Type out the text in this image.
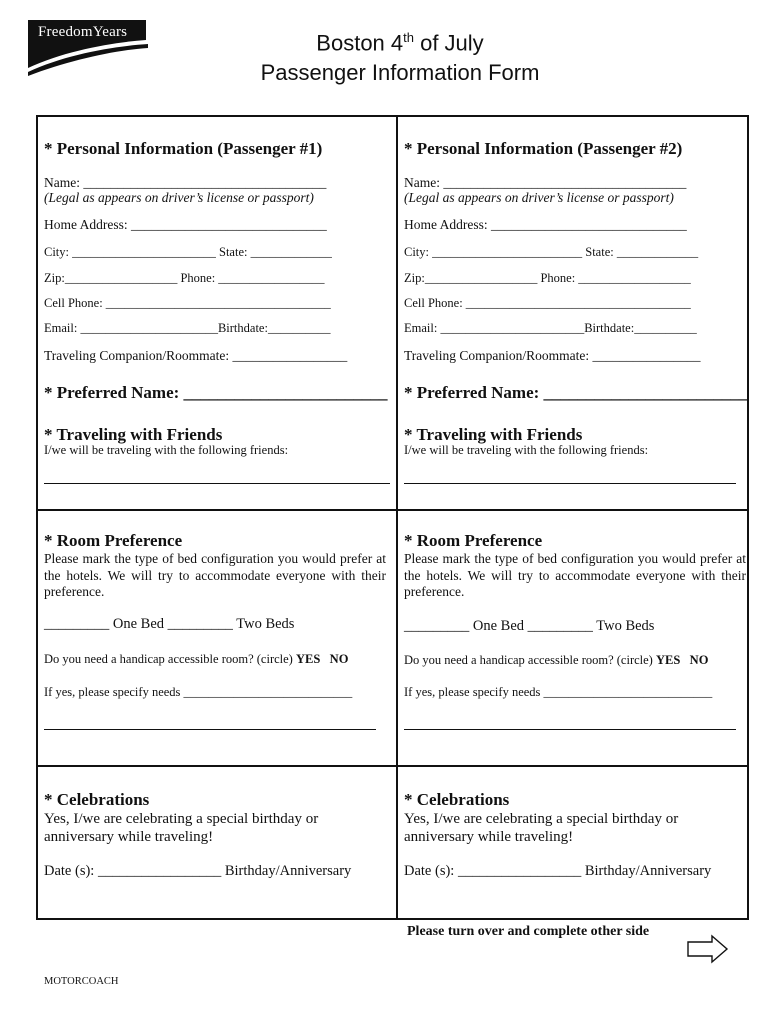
FreedomYears	Boston 4th of July
Passenger Information Form
* Personal Information (Passenger #1)
Name: ____________________________________
(Legal as appears on driver’s license or passport)
Home Address: _____________________________
City: _______________________ State: _____________
Zip:__________________ Phone: _________________
Cell Phone: ____________________________________
Email: ______________________Birthdate:__________
Traveling Companion/Roommate: _________________
* Preferred Name: ________________________
* Traveling with Friends
I/we will be traveling with the following friends:
* Room Preference
Please mark the type of bed configuration you would prefer at the hotels. We will try to accommodate everyone with their preference.
_________ One Bed _________ Two Beds
Do you need a handicap accessible room? (circle) YES NO
If yes, please specify needs ___________________________
* Celebrations
Yes, I/we are celebrating a special birthday or anniversary while traveling!
Date (s): _________________ Birthday/Anniversary
* Personal Information (Passenger #2)
Name: ____________________________________
(Legal as appears on driver’s license or passport)
Home Address: _____________________________
City: ________________________ State: _____________
Zip:__________________ Phone: __________________
Cell Phone: ____________________________________
Email: _______________________Birthdate:__________
Traveling Companion/Roommate: ________________
* Preferred Name: ________________________
* Traveling with Friends
I/we will be traveling with the following friends:
* Room Preference
Please mark the type of bed configuration you would prefer at the hotels. We will try to accommodate everyone with their preference.
_________ One Bed _________ Two Beds
Do you need a handicap accessible room? (circle) YES NO
If yes, please specify needs ___________________________
* Celebrations
Yes, I/we are celebrating a special birthday or anniversary while traveling!
Date (s): _________________ Birthday/Anniversary
Please turn over and complete other side
MOTORCOACH
